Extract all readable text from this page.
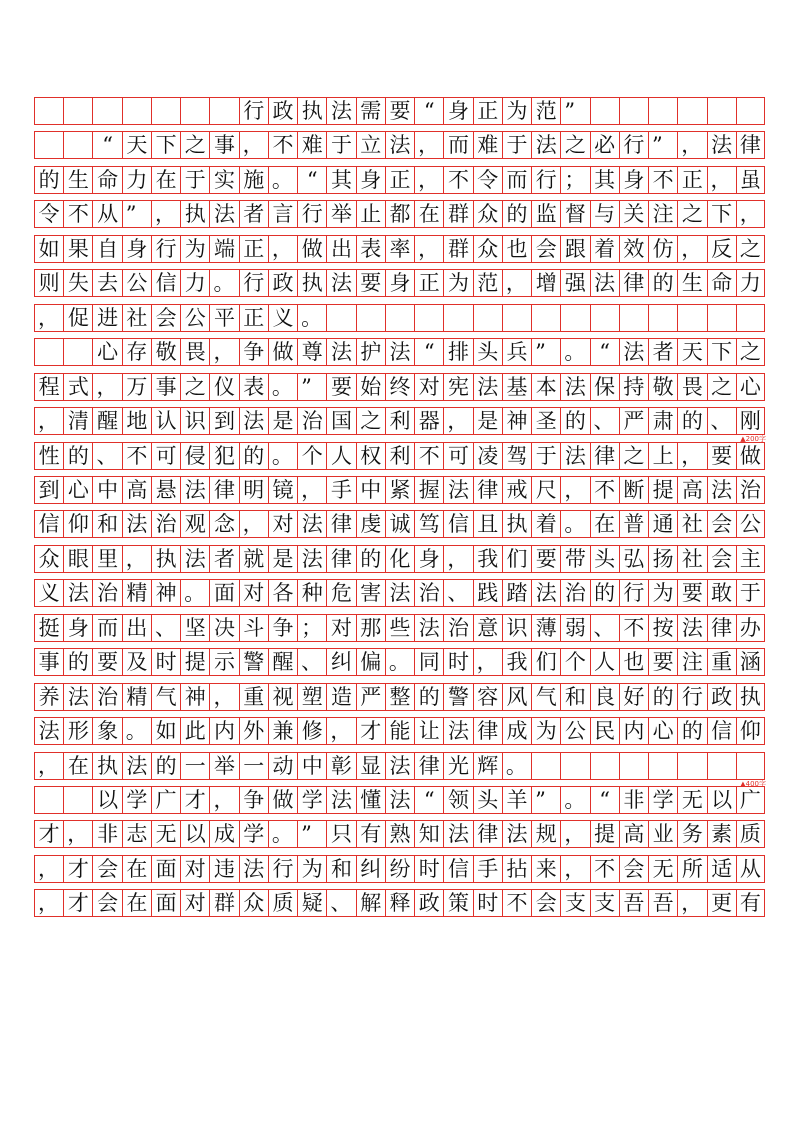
行 政 执 法 需 要 “ 身 正 为 范 ”
“ 天 下 之 事 ， 不 难 于 立 法 ， 而 难 于 法 之 必 行 ” ， 法 律
的 生 命 力 在 于 实 施 。 “ 其 身 正 ， 不 令 而 行 ； 其 身 不 正 ， 虽
令 不 从 ” ， 执 法 者 言 行 举 止 都 在 群 众 的 监 督 与 关 注 之 下 ，
如 果 自 身 行 为 端 正 ， 做 出 表 率 ， 群 众 也 会 跟 着 效 仿 ， 反 之
则 失 去 公 信 力 。 行 政 执 法 要 身 正 为 范 ， 增 强 法 律 的 生 命 力
， 促 进 社 会 公 平 正 义 。
心 存 敬 畏 ， 争 做 尊 法 护 法 “ 排 头 兵 ” 。 “ 法 者 天 下 之
程 式 ， 万 事 之 仪 表 。 ” 要 始 终 对 宪 法 基 本 法 保 持 敬 畏 之 心
， 清 醒 地 认 识 到 法 是 治 国 之 利 器 ， 是 神 圣 的 、 严 肃 的 、 刚
▲200字
性 的 、 不 可 侵 犯 的 。 个 人 权 利 不 可 凌 驾 于 法 律 之 上 ， 要 做
到 心 中 高 悬 法 律 明 镜 ， 手 中 紧 握 法 律 戒 尺 ， 不 断 提 高 法 治
信 仰 和 法 治 观 念 ， 对 法 律 虔 诚 笃 信 且 执 着 。 在 普 通 社 会 公
众 眼 里 ， 执 法 者 就 是 法 律 的 化 身 ， 我 们 要 带 头 弘 扬 社 会 主
义 法 治 精 神 。 面 对 各 种 危 害 法 治 、 践 踏 法 治 的 行 为 要 敢 于
挺 身 而 出 、 坚 决 斗 争 ； 对 那 些 法 治 意 识 薄 弱 、 不 按 法 律 办
事 的 要 及 时 提 示 警 醒 、 纠 偏 。 同 时 ， 我 们 个 人 也 要 注 重 涵
养 法 治 精 气 神 ， 重 视 塑 造 严 整 的 警 容 风 气 和 良 好 的 行 政 执
法 形 象 。 如 此 内 外 兼 修 ， 才 能 让 法 律 成 为 公 民 内 心 的 信 仰
， 在 执 法 的 一 举 一 动 中 彰 显 法 律 光 辉 。
▲400字
以 学 广 才 ， 争 做 学 法 懂 法 “ 领 头 羊 ” 。 “ 非 学 无 以 广
才 ， 非 志 无 以 成 学 。 ” 只 有 熟 知 法 律 法 规 ， 提 高 业 务 素 质
， 才 会 在 面 对 违 法 行 为 和 纠 纷 时 信 手 拈 来 ， 不 会 无 所 适 从
， 才 会 在 面 对 群 众 质 疑 、 解 释 政 策 时 不 会 支 支 吾 吾 ， 更 有
